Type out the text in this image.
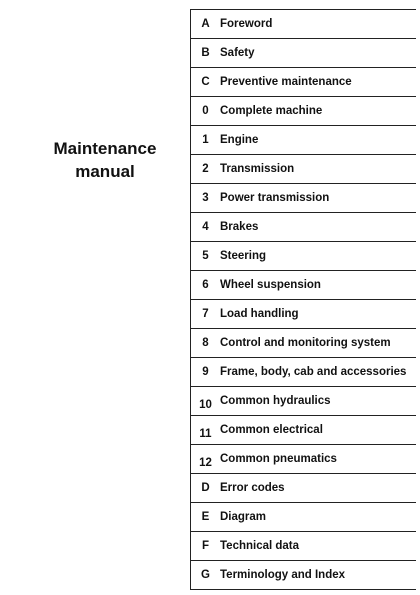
Maintenance
manual
A Foreword
B Safety
C Preventive maintenance
0 Complete machine
1 Engine
2 Transmission
3 Power transmission
4 Brakes
5 Steering
6 Wheel suspension
7 Load handling
8 Control and monitoring system
9 Frame, body, cab and accessories
10 Common hydraulics
11 Common electrical
12 Common pneumatics
D Error codes
E Diagram
F Technical data
G Terminology and Index
